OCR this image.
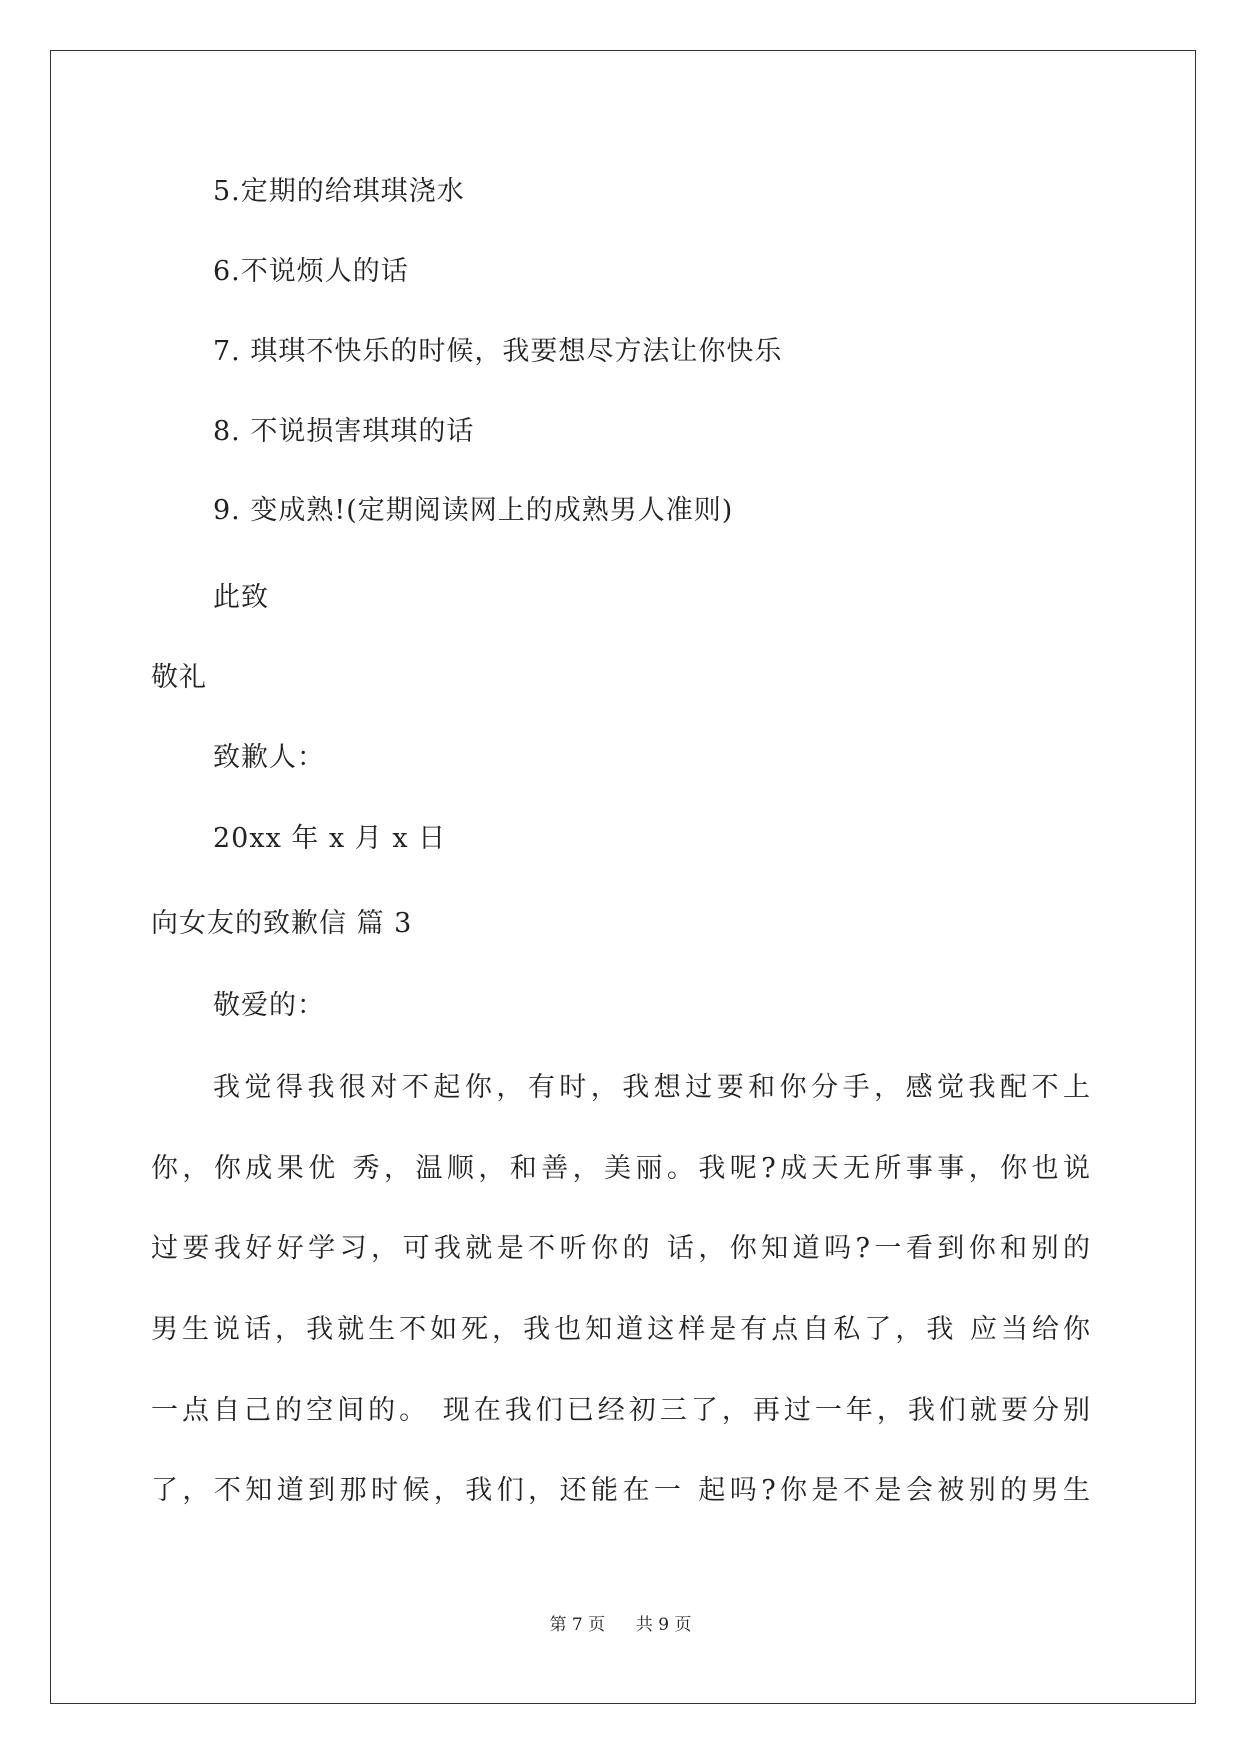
5.定期的给琪琪浇水
6.不说烦人的话
7. 琪琪不快乐的时候，我要想尽方法让你快乐
8. 不说损害琪琪的话
9. 变成熟!(定期阅读网上的成熟男人准则)
此致
敬礼
致歉人：
20xx 年 x 月 x 日
向女友的致歉信 篇 3
敬爱的：
我觉得我很对不起你，有时，我想过要和你分手，感觉我配不上
你，你成果优 秀，温顺，和善，美丽。我呢?成天无所事事，你也说
过要我好好学习，可我就是不听你的 话，你知道吗?一看到你和别的
男生说话，我就生不如死，我也知道这样是有点自私了，我 应当给你
一点自己的空间的。 现在我们已经初三了，再过一年，我们就要分别
了，不知道到那时候，我们，还能在一 起吗?你是不是会被别的男生
第 7 页 共 9 页
